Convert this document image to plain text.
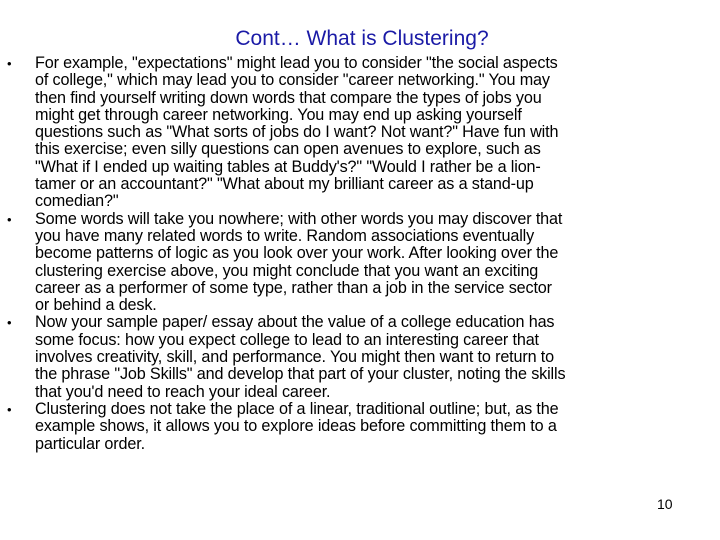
Cont… What is Clustering?
• For example, "expectations" might lead you to consider "the social aspects of college," which may lead you to consider "career networking." You may then find yourself writing down words that compare the types of jobs you might get through career networking. You may end up asking yourself questions such as "What sorts of jobs do I want? Not want?" Have fun with this exercise; even silly questions can open avenues to explore, such as "What if I ended up waiting tables at Buddy's?" "Would I rather be a lion-tamer or an accountant?" "What about my brilliant career as a stand-up comedian?"
• Some words will take you nowhere; with other words you may discover that you have many related words to write. Random associations eventually become patterns of logic as you look over your work. After looking over the clustering exercise above, you might conclude that you want an exciting career as a performer of some type, rather than a job in the service sector or behind a desk.
• Now your sample paper/ essay about the value of a college education has some focus: how you expect college to lead to an interesting career that involves creativity, skill, and performance. You might then want to return to the phrase "Job Skills" and develop that part of your cluster, noting the skills that you'd need to reach your ideal career.
• Clustering does not take the place of a linear, traditional outline; but, as the example shows, it allows you to explore ideas before committing them to a particular order.
10
